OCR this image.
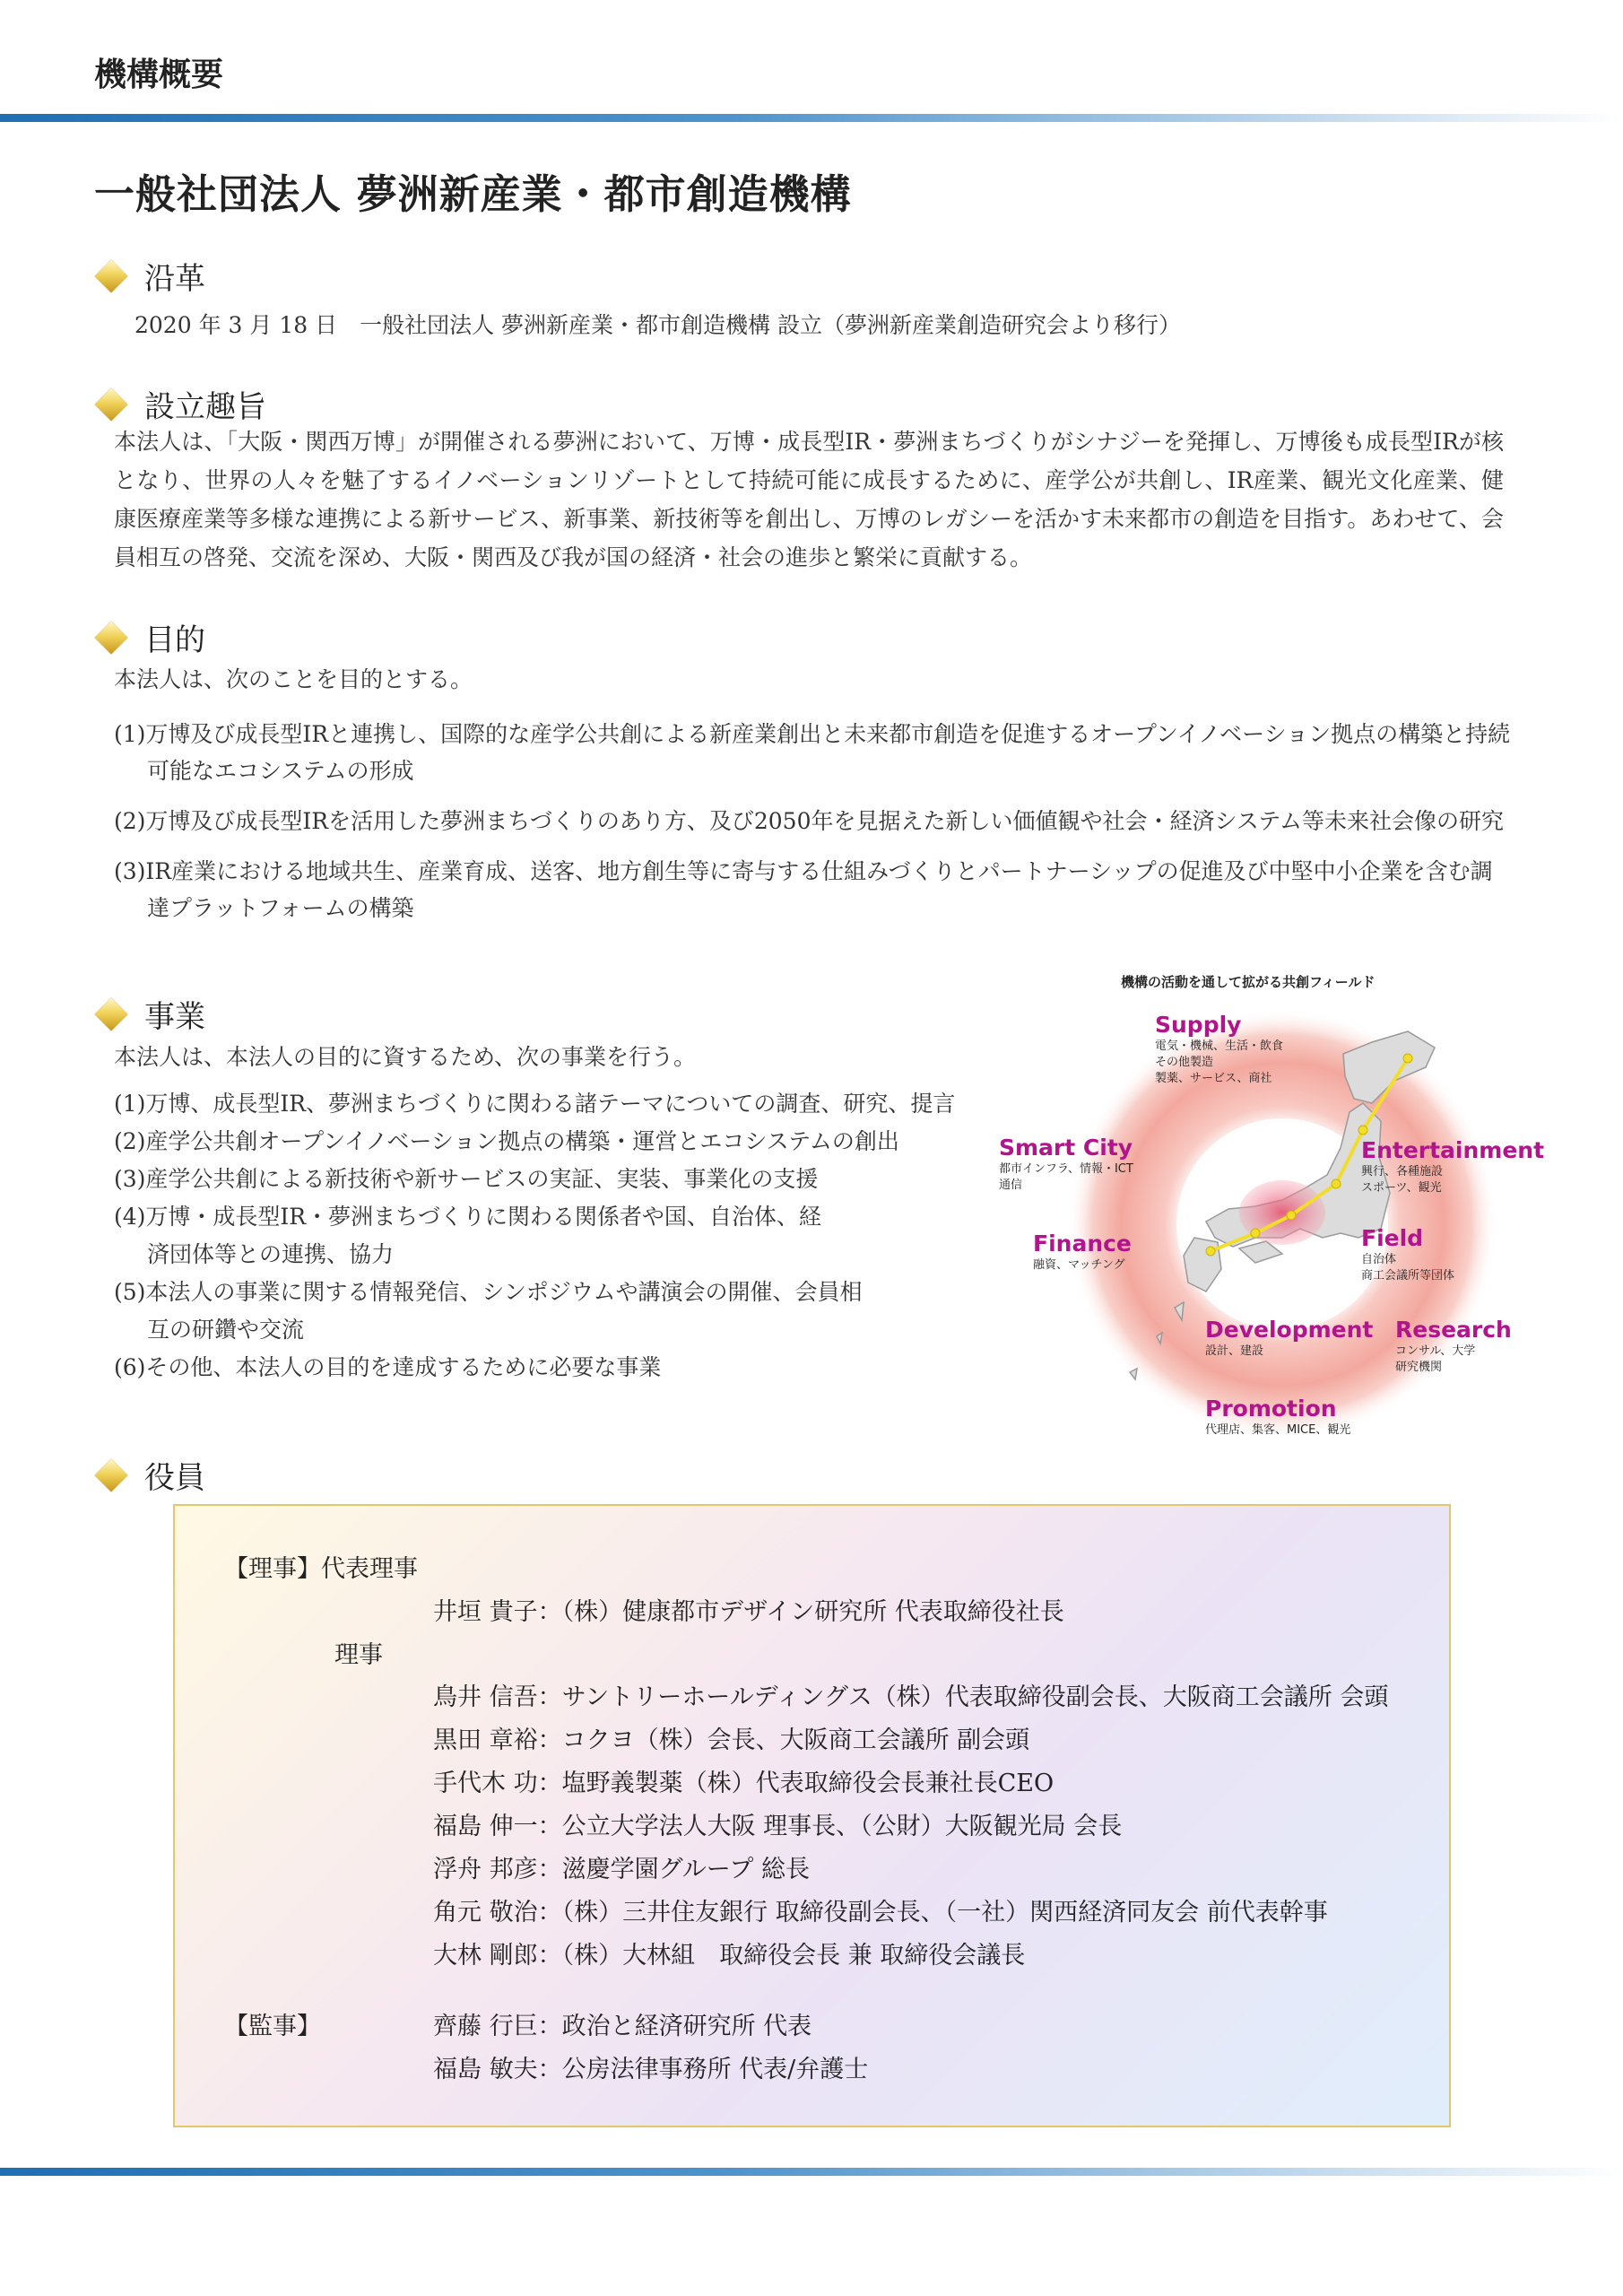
機構概要
一般社団法人 夢洲新産業・都市創造機構
沿革
2020 年 3 月 18 日　一般社団法人 夢洲新産業・都市創造機構 設立（夢洲新産業創造研究会より移行）
設立趣旨
本法人は、「大阪・関西万博」が開催される夢洲において、万博・成長型IR・夢洲まちづくりがシナジーを発揮し、万博後も成長型IRが核となり、世界の人々を魅了するイノベーションリゾートとして持続可能に成長するために、産学公が共創し、IR産業、観光文化産業、健康医療産業等多様な連携による新サービス、新事業、新技術等を創出し、万博のレガシーを活かす未来都市の創造を目指す。あわせて、会員相互の啓発、交流を深め、大阪・関西及び我が国の経済・社会の進歩と繁栄に貢献する。
目的

本法人は、次のことを目的とする。

(1)万博及び成長型IRと連携し、国際的な産学公共創による新産業創出と未来都市創造を促進するオープンイノベーション拠点の構築と持続可能なエコシステムの形成

(2)万博及び成長型IRを活用した夢洲まちづくりのあり方、及び2050年を見据えた新しい価値観や社会・経済システム等未来社会像の研究

(3)IR産業における地域共生、産業育成、送客、地方創生等に寄与する仕組みづくりとパートナーシップの促進及び中堅中小企業を含む調達プラットフォームの構築

事業

本法人は、本法人の目的に資するため、次の事業を行う。

(1)万博、成長型IR、夢洲まちづくりに関わる諸テーマについての調査、研究、提言

(2)産学公共創オープンイノベーション拠点の構築・運営とエコシステムの創出

(3)産学公共創による新技術や新サービスの実証、実装、事業化の支援

(4)万博・成長型IR・夢洲まちづくりに関わる関係者や国、自治体、経済団体等との連携、協力

(5)本法人の事業に関する情報発信、シンポジウムや講演会の開催、会員相互の研鑽や交流

(6)その他、本法人の目的を達成するために必要な事業

機構の活動を通して拡がる共創フィールド
Supply
電気・機械、生活・飲食
その他製造
製薬、サービス、商社
Smart City
都市インフラ、情報・ICT
通信
Entertainment
興行、各種施設
スポーツ、観光
Finance
融資、マッチング
Field
自治体
商工会議所等団体
Development
設計、建設
Research
コンサル、大学
研究機関
Promotion
代理店、集客、MICE、観光
役員
【理事】代表理事
井垣 貴子：（株）健康都市デザイン研究所 代表取締役社長
理事
鳥井 信吾：サントリーホールディングス（株）代表取締役副会長、大阪商工会議所 会頭
黒田 章裕：コクヨ（株）会長、大阪商工会議所 副会頭
手代木 功：塩野義製薬（株）代表取締役会長兼社長CEO
福島 伸一：公立大学法人大阪 理事長、（公財）大阪観光局 会長
浮舟 邦彦：滋慶学園グループ 総長
角元 敬治：（株）三井住友銀行 取締役副会長、（一社）関西経済同友会 前代表幹事
大林 剛郎：（株）大林組　取締役会長 兼 取締役会議長
【監事】	齊藤 行巨：政治と経済研究所 代表
福島 敏夫：公房法律事務所 代表/弁護士
